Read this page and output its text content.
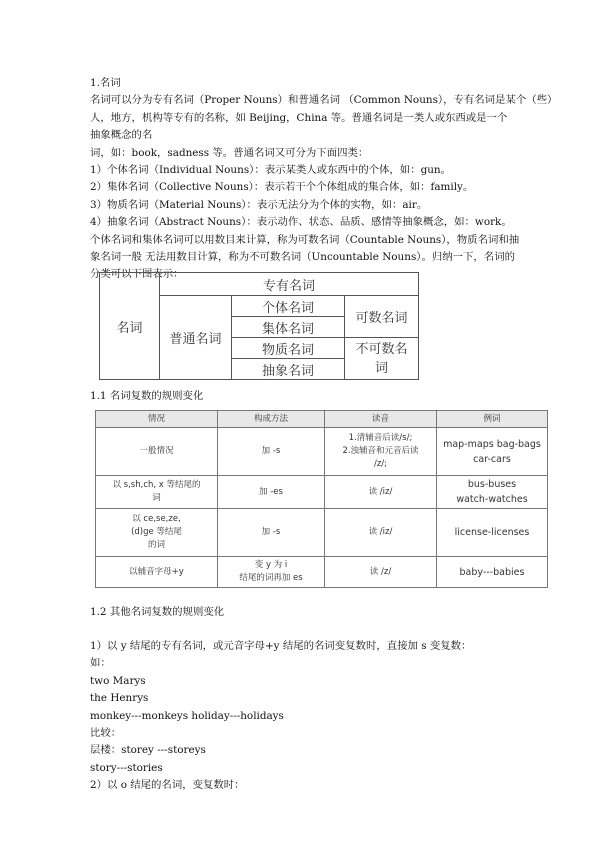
1.名词
名词可以分为专有名词（Proper Nouns）和普通名词 （Common Nouns），专有名词是某个（些）
人，地方，机构等专有的名称，如 Beijing，China 等。普通名词是一类人或东西或是一个
抽象概念的名
词，如：book，sadness 等。普通名词又可分为下面四类：
1）个体名词（Individual Nouns）：表示某类人或东西中的个体，如：gun。
2）集体名词（Collective Nouns）：表示若干个个体组成的集合体，如：family。
3）物质名词（Material Nouns）：表示无法分为个体的实物，如：air。
4）抽象名词（Abstract Nouns）：表示动作、状态、品质、感情等抽象概念，如：work。
个体名词和集体名词可以用数目来计算，称为可数名词（Countable Nouns），物质名词和抽
象名词一般 无法用数目计算，称为不可数名词（Uncountable Nouns）。归纳一下，名词的
分类可以下图表示：
名词	专有名词		
	普通名词	个体名词	可数名词
		集体名词	
		物质名词	不可数名
词
		抽象名词	
1.1 名词复数的规则变化
情况	构成方法	读音	例词
一般情况	加 -s	1.清辅音后读/s/;
2.浊辅音和元音后读
/z/;	map-maps bag-bags
car-cars
以 s,sh,ch, x 等结尾的
词	加 -es	读 /iz/	bus-buses
watch-watches
以 ce,se,ze,
(d)ge 等结尾
的词	加 -s	读 /iz/	license-licenses
以辅音字母+y	变 y 为 i
结尾的词再加 es	读 /z/	baby---babies
1.2 其他名词复数的规则变化
1）以 y 结尾的专有名词，或元音字母+y 结尾的名词变复数时，直接加 s 变复数：
如：
two Marys
the Henrys
monkey---monkeys holiday---holidays
比较：
层楼：storey ---storeys
story---stories
2）以 o 结尾的名词，变复数时：
